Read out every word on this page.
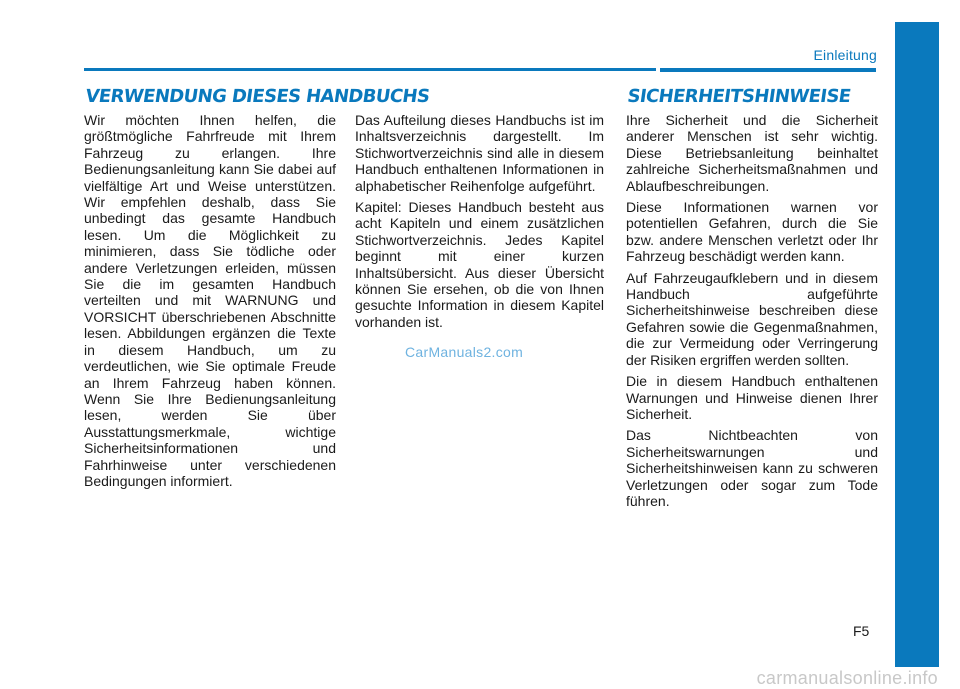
Einleitung
VERWENDUNG DIESES HANDBUCHS	SICHERHEITSHINWEISE

Wir möchten Ihnen helfen, die größtmögliche Fahrfreude mit Ihrem Fahrzeug zu erlangen. Ihre Bedienungsanleitung kann Sie dabei auf vielfältige Art und Weise unterstützen. Wir empfehlen deshalb, dass Sie unbedingt das gesamte Handbuch lesen. Um die Möglichkeit zu minimieren, dass Sie tödliche oder andere Verletzungen erleiden, müssen Sie die im gesamten Handbuch verteilten und mit WARNUNG und VORSICHT überschriebenen Abschnitte lesen. Abbildungen ergänzen die Texte in diesem Handbuch, um zu verdeutlichen, wie Sie optimale Freude an Ihrem Fahrzeug haben können. Wenn Sie Ihre Bedienungsanleitung lesen, werden Sie über Ausstattungsmerkmale, wichtige Sicherheitsinformationen und Fahrhinweise unter verschiedenen Bedingungen informiert.

Das Aufteilung dieses Handbuchs ist im Inhaltsverzeichnis dargestellt. Im Stichwortverzeichnis sind alle in diesem Handbuch enthaltenen Informationen in alphabetischer Reihenfolge aufgeführt.

Kapitel: Dieses Handbuch besteht aus acht Kapiteln und einem zusätzlichen Stichwortverzeichnis. Jedes Kapitel beginnt mit einer kurzen Inhaltsübersicht. Aus dieser Übersicht können Sie ersehen, ob die von Ihnen gesuchte Information in diesem Kapitel vorhanden ist.

Ihre Sicherheit und die Sicherheit anderer Menschen ist sehr wichtig. Diese Betriebsanleitung beinhaltet zahlreiche Sicherheitsmaßnahmen und Ablaufbeschreibungen.

Diese Informationen warnen vor potentiellen Gefahren, durch die Sie bzw. andere Menschen verletzt oder Ihr Fahrzeug beschädigt werden kann.

Auf Fahrzeugaufklebern und in diesem Handbuch aufgeführte Sicherheitshinweise beschreiben diese Gefahren sowie die Gegenmaßnahmen, die zur Vermeidung oder Verringerung der Risiken ergriffen werden sollten.

Die in diesem Handbuch enthaltenen Warnungen und Hinweise dienen Ihrer Sicherheit.

Das Nichtbeachten von Sicherheitswarnungen und Sicherheitshinweisen kann zu schweren Verletzungen oder sogar zum Tode führen.

CarManuals2.com
F5
carmanualsonline.info
